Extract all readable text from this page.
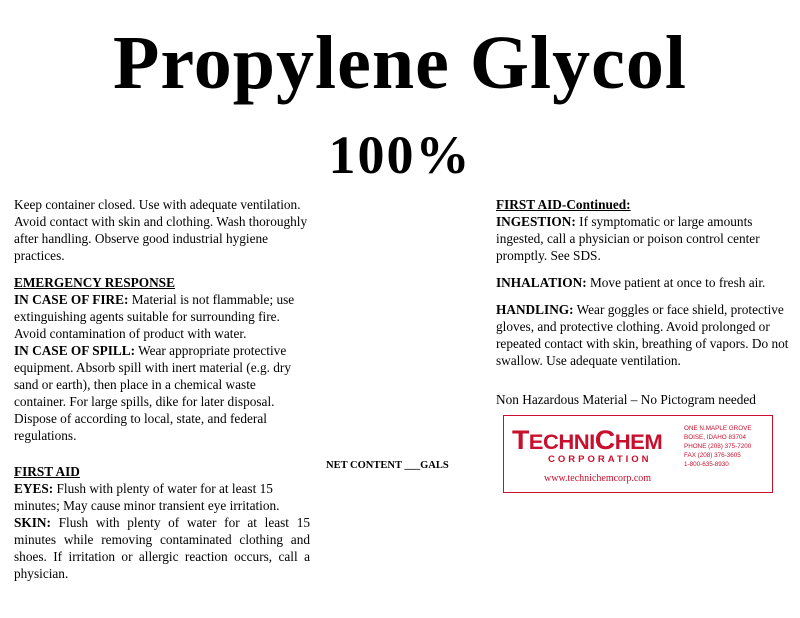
Propylene Glycol
100%

Keep container closed. Use with adequate ventilation. Avoid contact with skin and clothing. Wash thoroughly after handling. Observe good industrial hygiene practices.

EMERGENCY RESPONSE

IN CASE OF FIRE: Material is not flammable; use extinguishing agents suitable for surrounding fire. Avoid contamination of product with water.

IN CASE OF SPILL: Wear appropriate protective equipment. Absorb spill with inert material (e.g. dry sand or earth), then place in a chemical waste container. For large spills, dike for later disposal. Dispose of according to local, state, and federal regulations.

FIRST AID

EYES: Flush with plenty of water for at least 15 minutes; May cause minor transient eye irritation.

SKIN: Flush with plenty of water for at least 15 minutes while removing contaminated clothing and shoes. If irritation or allergic reaction occurs, call a physician.

NET CONTENT ___GALS

FIRST AID-Continued:

INGESTION: If symptomatic or large amounts ingested, call a physician or poison control center promptly. See SDS.

INHALATION: Move patient at once to fresh air.

HANDLING: Wear goggles or face shield, protective gloves, and protective clothing. Avoid prolonged or repeated contact with skin, breathing of vapors. Do not swallow. Use adequate ventilation.

Non Hazardous Material – No Pictogram needed

TECHNICHEM
CORPORATION
www.technichemcorp.com
ONE N.MAPLE GROVE
BOISE, IDAHO 83704
PHONE (208) 375-7200
FAX (208) 376-3605
1-800-635-8930
